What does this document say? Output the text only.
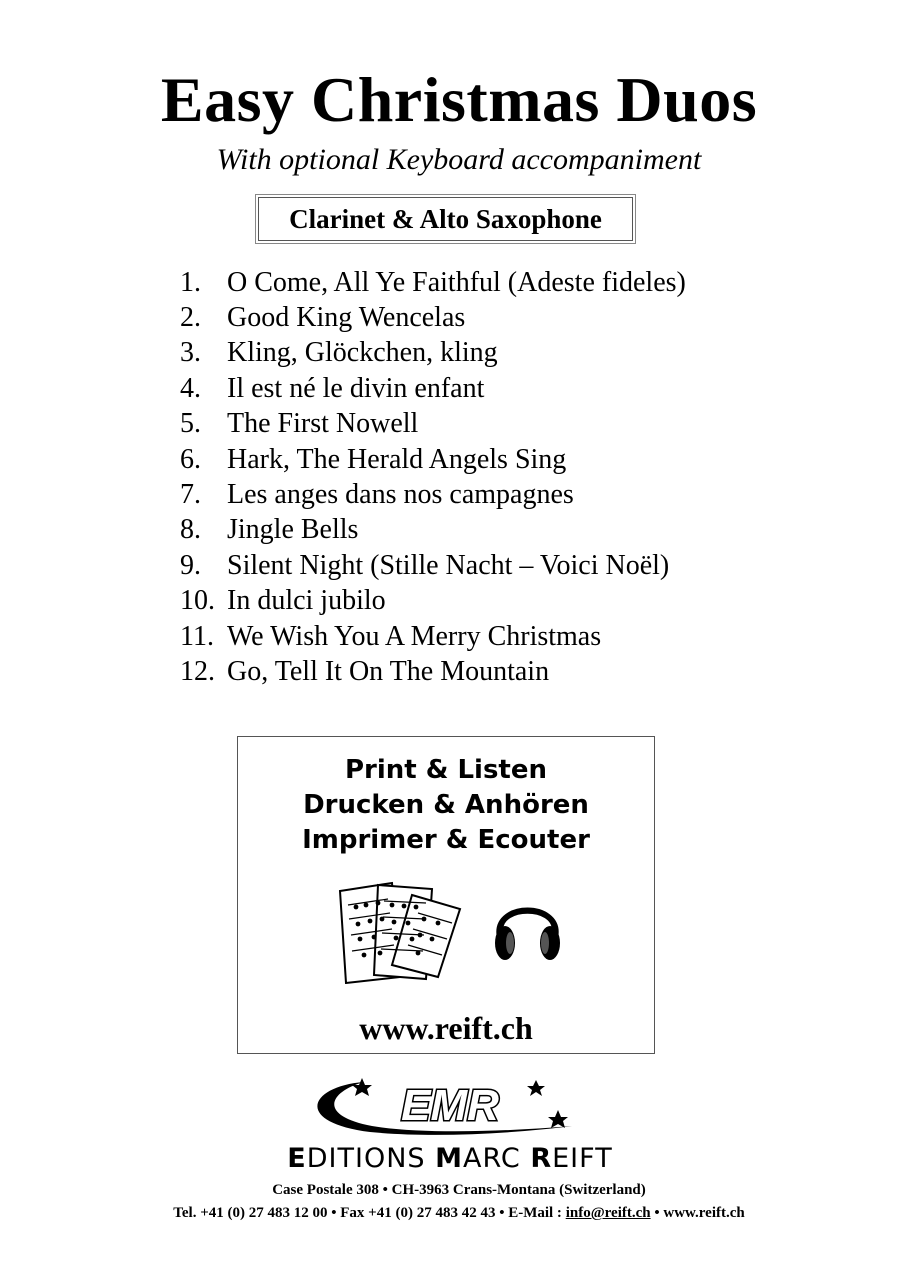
Easy Christmas Duos
With optional Keyboard accompaniment
Clarinet & Alto Saxophone
1. O Come, All Ye Faithful (Adeste fideles)
2. Good King Wencelas
3. Kling, Glöckchen, kling
4. Il est né le divin enfant
5. The First Nowell
6. Hark, The Herald Angels Sing
7. Les anges dans nos campagnes
8. Jingle Bells
9. Silent Night (Stille Nacht – Voici Noël)
10. In dulci jubilo
11. We Wish You A Merry Christmas
12. Go, Tell It On The Mountain
Print & Listen
Drucken & Anhören
Imprimer & Ecouter
www.reift.ch
EMR
EDITIONS MARC REIFT
Case Postale 308 • CH-3963 Crans-Montana (Switzerland)
Tel. +41 (0) 27 483 12 00 • Fax +41 (0) 27 483 42 43 • E-Mail : info@reift.ch • www.reift.ch
